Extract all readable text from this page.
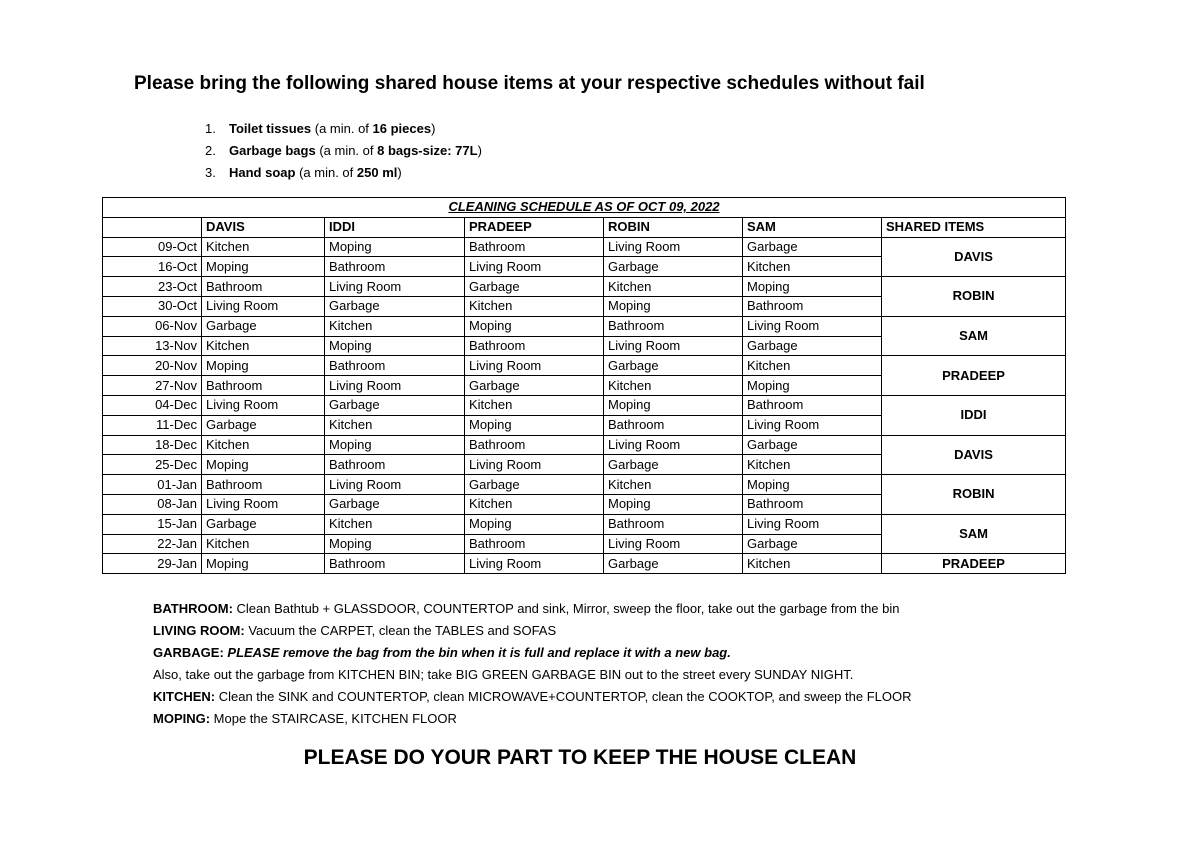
Please bring the following shared house items at your respective schedules without fail
1. Toilet tissues (a min. of 16 pieces)
2. Garbage bags (a min. of 8 bags-size: 77L)
3. Hand soap (a min. of 250 ml)
CLEANING SCHEDULE AS OF OCT 09, 2022						
	DAVIS	IDDI	PRADEEP	ROBIN	SAM	SHARED ITEMS
09-Oct	Kitchen	Moping	Bathroom	Living Room	Garbage	DAVIS
16-Oct	Moping	Bathroom	Living Room	Garbage	Kitchen	
23-Oct	Bathroom	Living Room	Garbage	Kitchen	Moping	ROBIN
30-Oct	Living Room	Garbage	Kitchen	Moping	Bathroom	
06-Nov	Garbage	Kitchen	Moping	Bathroom	Living Room	SAM
13-Nov	Kitchen	Moping	Bathroom	Living Room	Garbage	
20-Nov	Moping	Bathroom	Living Room	Garbage	Kitchen	PRADEEP
27-Nov	Bathroom	Living Room	Garbage	Kitchen	Moping	
04-Dec	Living Room	Garbage	Kitchen	Moping	Bathroom	IDDI
11-Dec	Garbage	Kitchen	Moping	Bathroom	Living Room	
18-Dec	Kitchen	Moping	Bathroom	Living Room	Garbage	DAVIS
25-Dec	Moping	Bathroom	Living Room	Garbage	Kitchen	
01-Jan	Bathroom	Living Room	Garbage	Kitchen	Moping	ROBIN
08-Jan	Living Room	Garbage	Kitchen	Moping	Bathroom	
15-Jan	Garbage	Kitchen	Moping	Bathroom	Living Room	SAM
22-Jan	Kitchen	Moping	Bathroom	Living Room	Garbage	
29-Jan	Moping	Bathroom	Living Room	Garbage	Kitchen	PRADEEP
BATHROOM: Clean Bathtub + GLASSDOOR, COUNTERTOP and sink, Mirror, sweep the floor, take out the garbage from the bin
LIVING ROOM: Vacuum the CARPET, clean the TABLES and SOFAS
GARBAGE: PLEASE remove the bag from the bin when it is full and replace it with a new bag.
Also, take out the garbage from KITCHEN BIN; take BIG GREEN GARBAGE BIN out to the street every SUNDAY NIGHT.
KITCHEN: Clean the SINK and COUNTERTOP, clean MICROWAVE+COUNTERTOP, clean the COOKTOP, and sweep the FLOOR
MOPING: Mope the STAIRCASE, KITCHEN FLOOR
PLEASE DO YOUR PART TO KEEP THE HOUSE CLEAN
